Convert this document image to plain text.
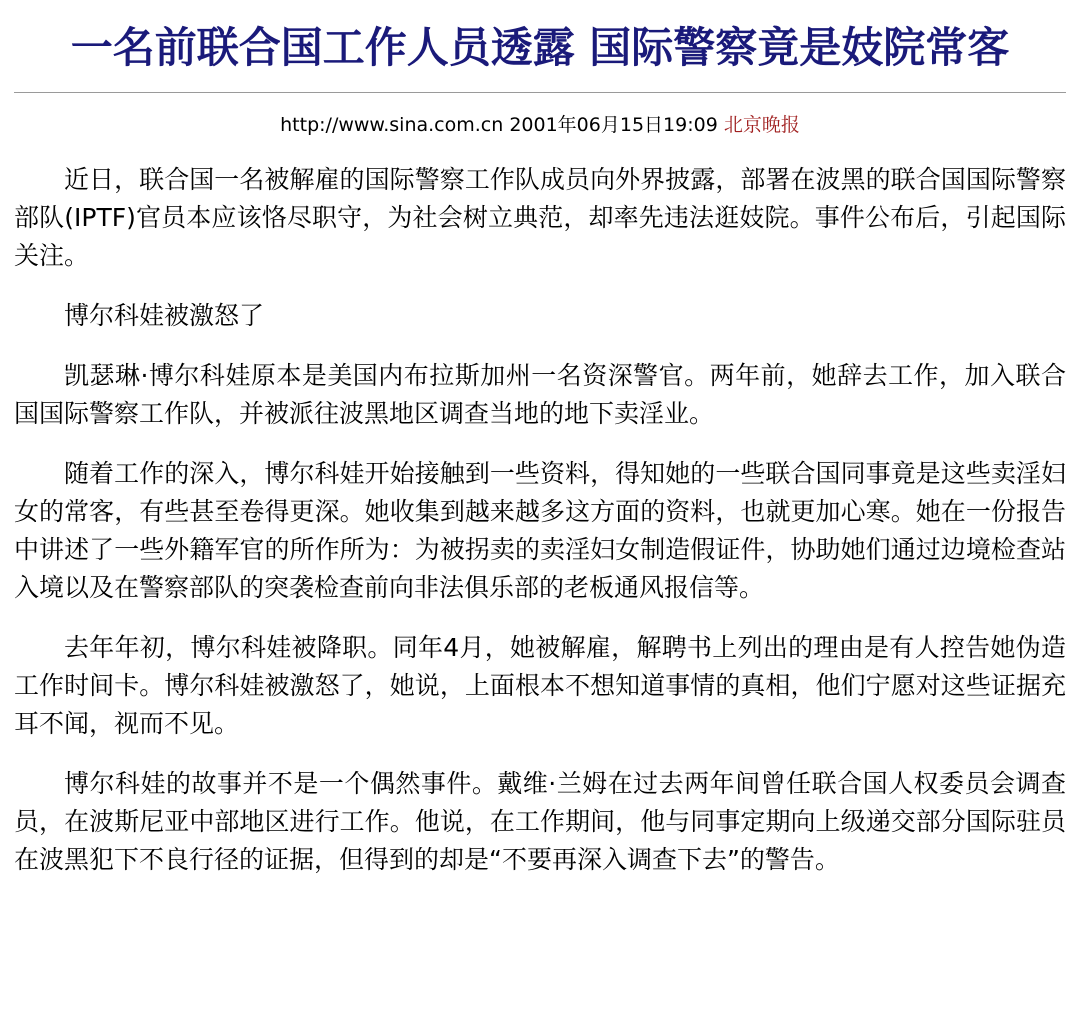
一名前联合国工作人员透露 国际警察竟是妓院常客
http://www.sina.com.cn 2001年06月15日19:09 北京晚报

近日，联合国一名被解雇的国际警察工作队成员向外界披露，部署在波黑的联合国国际警察部队(IPTF)官员本应该恪尽职守，为社会树立典范，却率先违法逛妓院。事件公布后，引起国际关注。

博尔科娃被激怒了

凯瑟琳·博尔科娃原本是美国内布拉斯加州一名资深警官。两年前，她辞去工作，加入联合国国际警察工作队，并被派往波黑地区调查当地的地下卖淫业。

随着工作的深入，博尔科娃开始接触到一些资料，得知她的一些联合国同事竟是这些卖淫妇女的常客，有些甚至卷得更深。她收集到越来越多这方面的资料，也就更加心寒。她在一份报告中讲述了一些外籍军官的所作所为：为被拐卖的卖淫妇女制造假证件，协助她们通过边境检查站入境以及在警察部队的突袭检查前向非法俱乐部的老板通风报信等。

去年年初，博尔科娃被降职。同年4月，她被解雇，解聘书上列出的理由是有人控告她伪造工作时间卡。博尔科娃被激怒了，她说，上面根本不想知道事情的真相，他们宁愿对这些证据充耳不闻，视而不见。

博尔科娃的故事并不是一个偶然事件。戴维·兰姆在过去两年间曾任联合国人权委员会调查员，在波斯尼亚中部地区进行工作。他说，在工作期间，他与同事定期向上级递交部分国际驻员在波黑犯下不良行径的证据，但得到的却是“不要再深入调查下去”的警告。
